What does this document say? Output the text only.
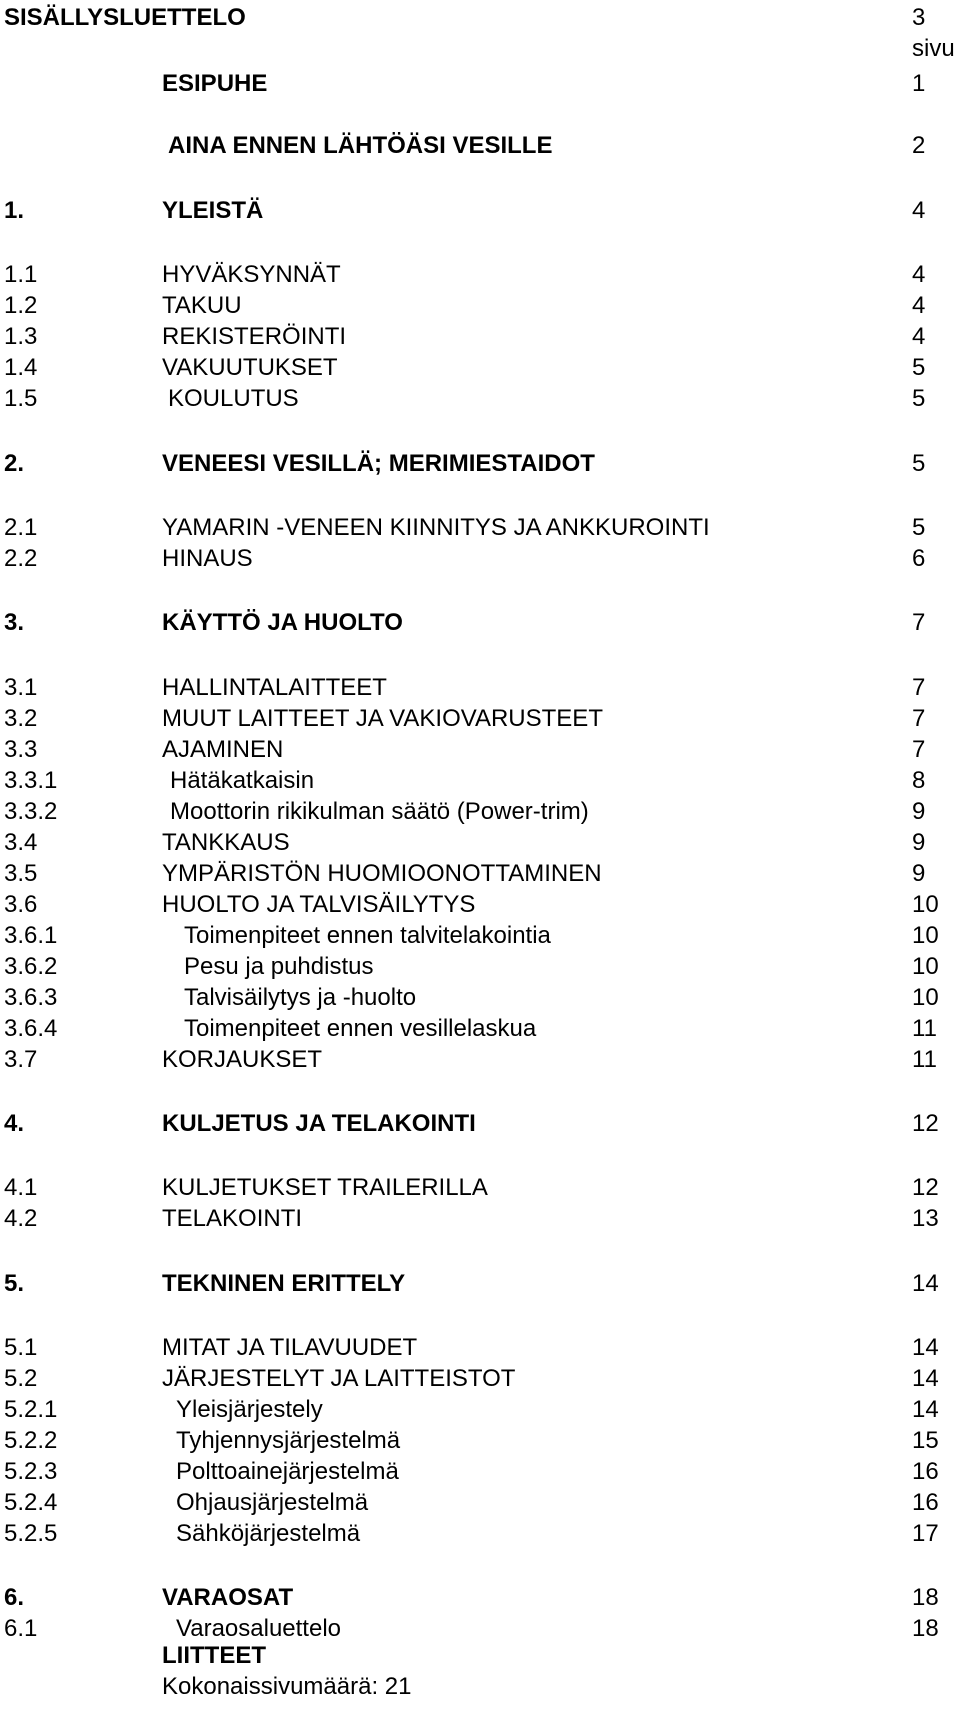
SISÄLLYSLUETTELO	3
sivu
ESIPUHE	1
AINA ENNEN LÄHTÖÄSI VESILLE	2
1.	YLEISTÄ	4
1.1	HYVÄKSYNNÄT	4
1.2	TAKUU	4
1.3	REKISTERÖINTI	4
1.4	VAKUUTUKSET	5
1.5	KOULUTUS	5
2.	VENEESI VESILLÄ; MERIMIESTAIDOT	5
2.1	YAMARIN -VENEEN KIINNITYS JA ANKKUROINTI	5
2.2	HINAUS	6
3.	KÄYTTÖ JA HUOLTO	7
3.1	HALLINTALAITTEET	7
3.2	MUUT LAITTEET JA VAKIOVARUSTEET	7
3.3	AJAMINEN	7
3.3.1	Hätäkatkaisin	8
3.3.2	Moottorin rikikulman säätö (Power-trim)	9
3.4	TANKKAUS	9
3.5	YMPÄRISTÖN HUOMIOONOTTAMINEN	9
3.6	HUOLTO JA TALVISÄILYTYS	10
3.6.1	Toimenpiteet ennen talvitelakointia	10
3.6.2	Pesu ja puhdistus	10
3.6.3	Talvisäilytys ja -huolto	10
3.6.4	Toimenpiteet ennen vesillelaskua	11
3.7	KORJAUKSET	11
4.	KULJETUS JA TELAKOINTI	12
4.1	KULJETUKSET TRAILERILLA	12
4.2	TELAKOINTI	13
5.	TEKNINEN ERITTELY	14
5.1	MITAT JA TILAVUUDET	14
5.2	JÄRJESTELYT JA LAITTEISTOT	14
5.2.1	Yleisjärjestely	14
5.2.2	Tyhjennysjärjestelmä	15
5.2.3	Polttoainejärjestelmä	16
5.2.4	Ohjausjärjestelmä	16
5.2.5	Sähköjärjestelmä	17
6.	VARAOSAT	18
6.1	Varaosaluettelo	18
LIITTEET
Kokonaissivumäärä: 21
